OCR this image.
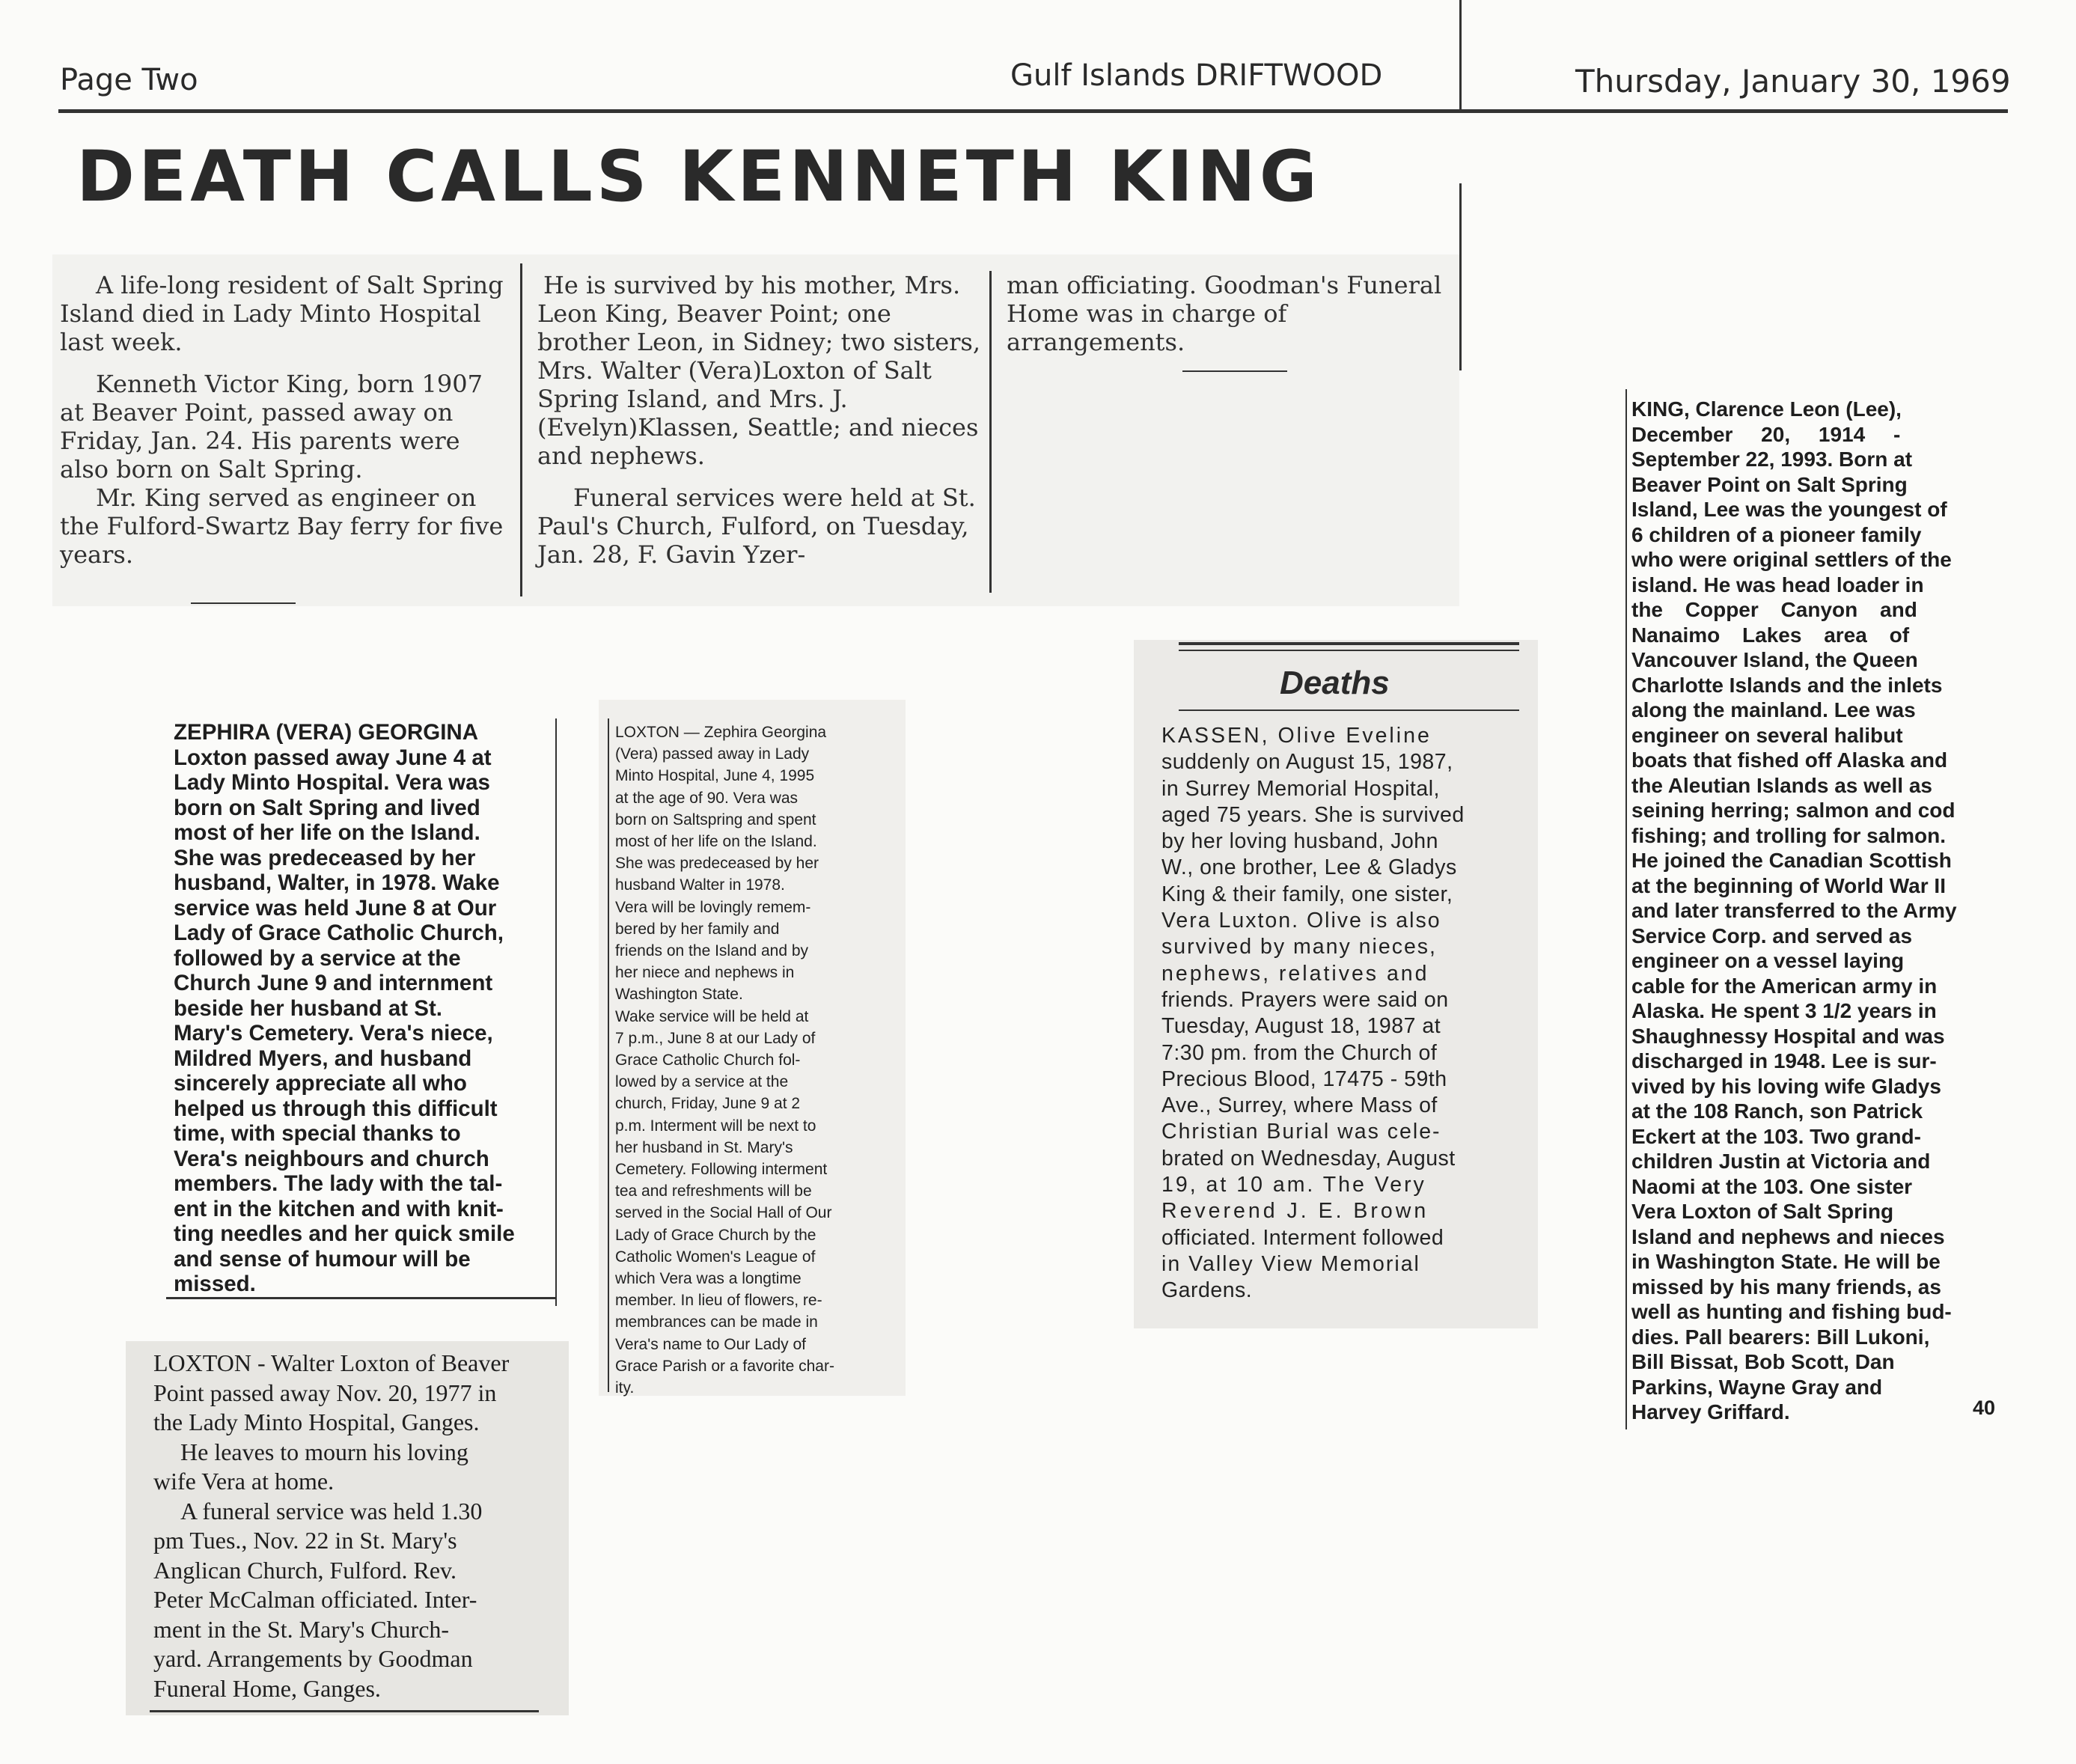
Page Two	Gulf Islands DRIFTWOOD	Thursday, January 30, 1969
DEATH CALLS KENNETH KING

A life-long resident of Salt Spring Island died in Lady Minto Hospital last week.

Kenneth Victor King, born 1907 at Beaver Point, passed away on Friday, Jan. 24. His parents were also born on Salt Spring.

Mr. King served as engineer on the Fulford-Swartz Bay ferry for five years.

He is survived by his mother, Mrs. Leon King, Beaver Point; one brother Leon, in Sidney; two sisters, Mrs. Walter (Vera)Loxton of Salt Spring Island, and Mrs. J. (Evelyn)Klassen, Seattle; and nieces and nephews.

Funeral services were held at St. Paul's Church, Fulford, on Tuesday, Jan. 28, F. Gavin Yzer-

man officiating. Goodman's Funeral Home was in charge of arrangements.

ZEPHIRA (VERA) GEORGINA
Loxton passed away June 4 at
Lady Minto Hospital. Vera was
born on Salt Spring and lived
most of her life on the Island.
She was predeceased by her
husband, Walter, in 1978. Wake
service was held June 8 at Our
Lady of Grace Catholic Church,
followed by a service at the
Church June 9 and internment
beside her husband at St.
Mary's Cemetery. Vera's niece,
Mildred Myers, and husband
sincerely appreciate all who
helped us through this difficult
time, with special thanks to
Vera's neighbours and church
members. The lady with the tal-
ent in the kitchen and with knit-
ting needles and her quick smile
and sense of humour will be
missed.
LOXTON — Zephira Georgina
(Vera) passed away in Lady
Minto Hospital, June 4, 1995
at the age of 90. Vera was
born on Saltspring and spent
most of her life on the Island.
She was predeceased by her
husband Walter in 1978.
Vera will be lovingly remem-
bered by her family and
friends on the Island and by
her niece and nephews in
Washington State.
Wake service will be held at
7 p.m., June 8 at our Lady of
Grace Catholic Church fol-
lowed by a service at the
church, Friday, June 9 at 2
p.m. Interment will be next to
her husband in St. Mary's
Cemetery. Following interment
tea and refreshments will be
served in the Social Hall of Our
Lady of Grace Church by the
Catholic Women's League of
which Vera was a longtime
member. In lieu of flowers, re-
membrances can be made in
Vera's name to Our Lady of
Grace Parish or a favorite char-
ity.
LOXTON - Walter Loxton of Beaver
Point passed away Nov. 20, 1977 in
the Lady Minto Hospital, Ganges.
He leaves to mourn his loving
wife Vera at home.
A funeral service was held 1.30
pm Tues., Nov. 22 in St. Mary's
Anglican Church, Fulford. Rev.
Peter McCalman officiated. Inter-
ment in the St. Mary's Church-
yard. Arrangements by Goodman
Funeral Home, Ganges.
Deaths
KASSEN, Olive Eveline
suddenly on August 15, 1987,
in Surrey Memorial Hospital,
aged 75 years. She is survived
by her loving husband, John
W., one brother, Lee & Gladys
King & their family, one sister,
Vera Luxton. Olive is also
survived by many nieces,
nephews, relatives and
friends. Prayers were said on
Tuesday, August 18, 1987 at
7:30 pm. from the Church of
Precious Blood, 17475 - 59th
Ave., Surrey, where Mass of
Christian Burial was cele-
brated on Wednesday, August
19, at 10 am. The Very
Reverend J. E. Brown
officiated. Interment followed
in Valley View Memorial
Gardens.
KING, Clarence Leon (Lee),
December 20, 1914 -
September 22, 1993. Born at
Beaver Point on Salt Spring
Island, Lee was the youngest of
6 children of a pioneer family
who were original settlers of the
island. He was head loader in
the Copper Canyon and
Nanaimo Lakes area of
Vancouver Island, the Queen
Charlotte Islands and the inlets
along the mainland. Lee was
engineer on several halibut
boats that fished off Alaska and
the Aleutian Islands as well as
seining herring; salmon and cod
fishing; and trolling for salmon.
He joined the Canadian Scottish
at the beginning of World War II
and later transferred to the Army
Service Corp. and served as
engineer on a vessel laying
cable for the American army in
Alaska. He spent 3 1/2 years in
Shaughnessy Hospital and was
discharged in 1948. Lee is sur-
vived by his loving wife Gladys
at the 108 Ranch, son Patrick
Eckert at the 103. Two grand-
children Justin at Victoria and
Naomi at the 103. One sister
Vera Loxton of Salt Spring
Island and nephews and nieces
in Washington State. He will be
missed by his many friends, as
well as hunting and fishing bud-
dies. Pall bearers: Bill Lukoni,
Bill Bissat, Bob Scott, Dan
Parkins, Wayne Gray and
Harvey Griffard.	40
